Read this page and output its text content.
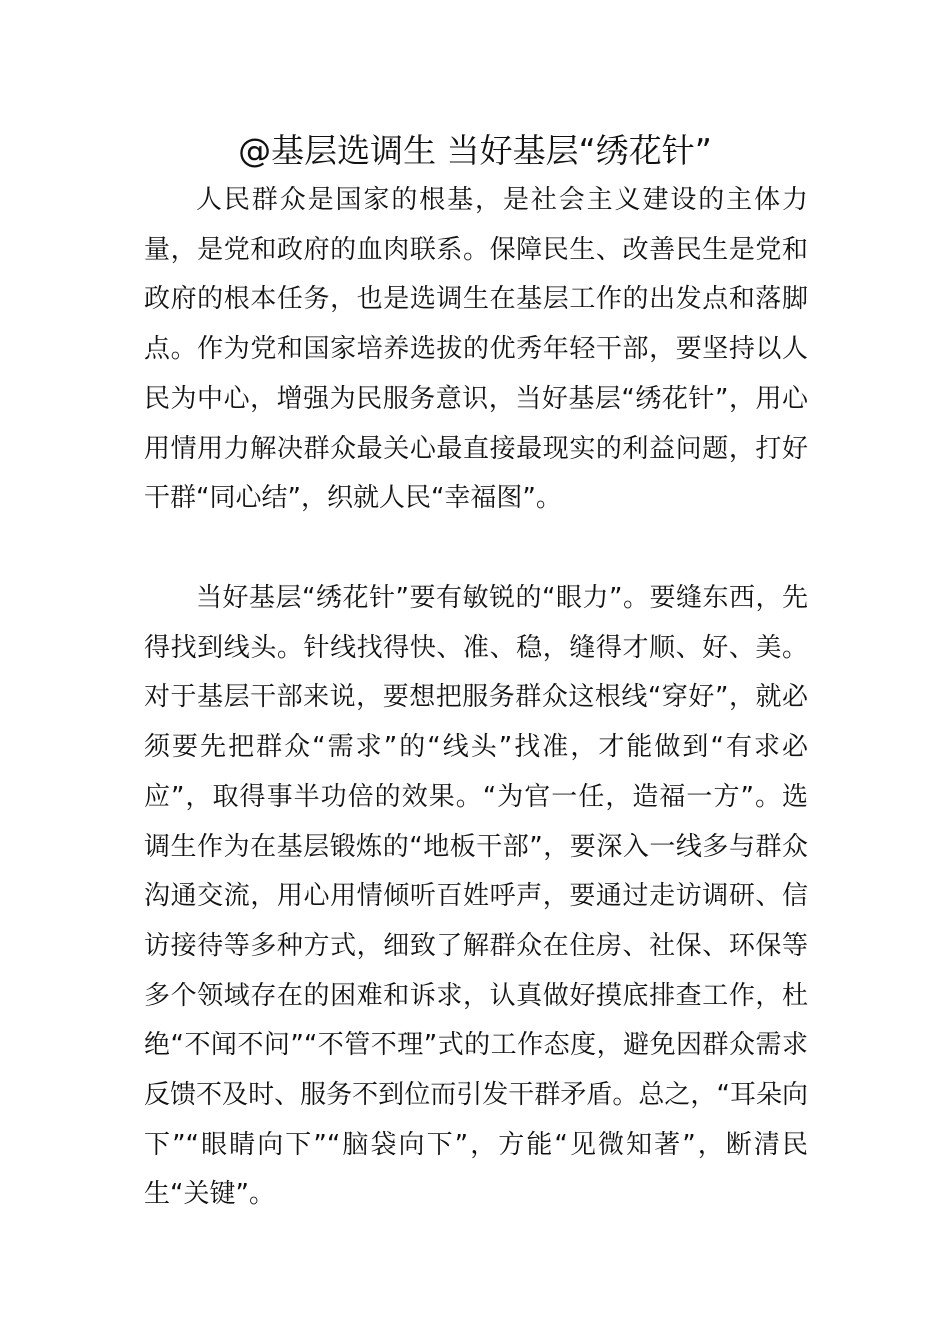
@基层选调生 当好基层“绣花针”

人民群众是国家的根基，是社会主义建设的主体力量，是党和政府的血肉联系。保障民生、改善民生是党和政府的根本任务，也是选调生在基层工作的出发点和落脚点。作为党和国家培养选拔的优秀年轻干部，要坚持以人民为中心，增强为民服务意识，当好基层“绣花针”，用心用情用力解决群众最关心最直接最现实的利益问题，打好干群“同心结”，织就人民“幸福图”。

当好基层“绣花针”要有敏锐的“眼力”。要缝东西，先得找到线头。针线找得快、准、稳，缝得才顺、好、美。对于基层干部来说，要想把服务群众这根线“穿好”，就必须要先把群众“需求”的“线头”找准，才能做到“有求必应”，取得事半功倍的效果。“为官一任，造福一方”。选调生作为在基层锻炼的“地板干部”，要深入一线多与群众沟通交流，用心用情倾听百姓呼声，要通过走访调研、信访接待等多种方式，细致了解群众在住房、社保、环保等多个领域存在的困难和诉求，认真做好摸底排查工作，杜绝“不闻不问”“不管不理”式的工作态度，避免因群众需求反馈不及时、服务不到位而引发干群矛盾。总之，“耳朵向下”“眼睛向下”“脑袋向下”，方能“见微知著”，断清民生“关键”。
